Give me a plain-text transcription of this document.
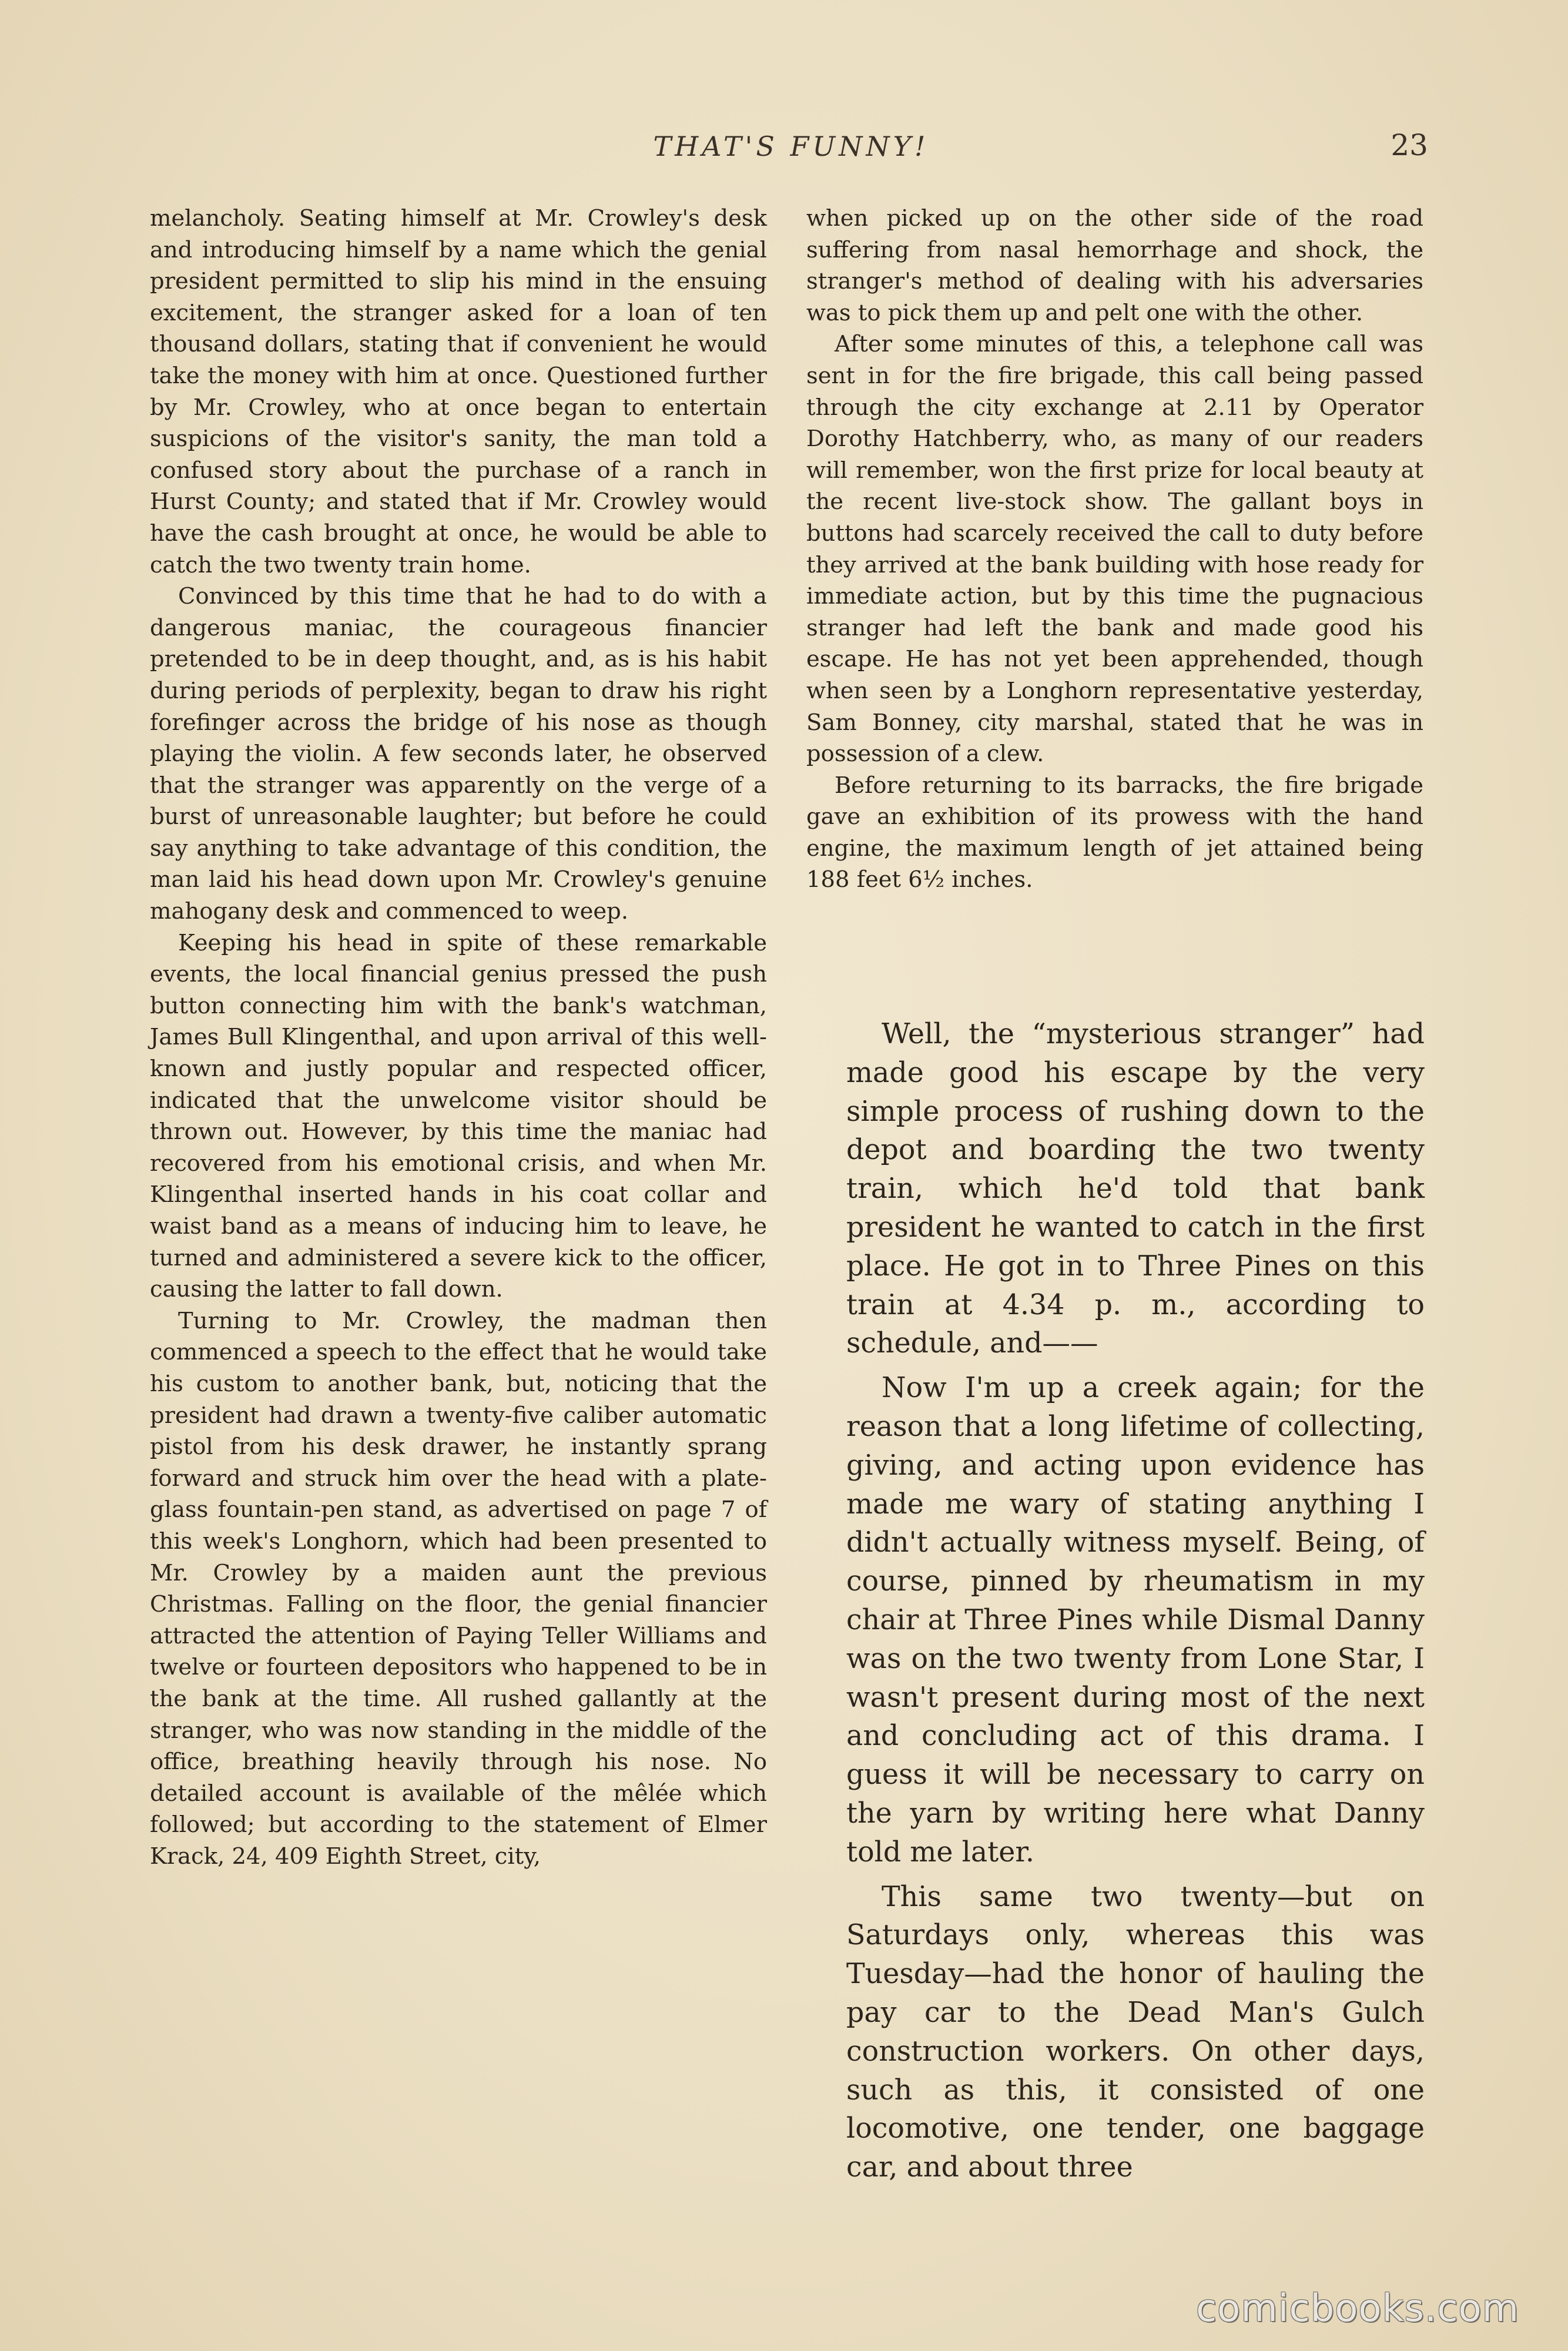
THAT'S FUNNY!	23

melancholy. Seating himself at Mr. Crowley's desk and introducing himself by a name which the genial president permitted to slip his mind in the ensuing excitement, the stranger asked for a loan of ten thousand dollars, stating that if convenient he would take the money with him at once. Questioned further by Mr. Crowley, who at once began to entertain suspicions of the visitor's sanity, the man told a confused story about the purchase of a ranch in Hurst County; and stated that if Mr. Crowley would have the cash brought at once, he would be able to catch the two twenty train home.

Convinced by this time that he had to do with a dangerous maniac, the courageous financier pretended to be in deep thought, and, as is his habit during periods of perplexity, began to draw his right forefinger across the bridge of his nose as though playing the violin. A few seconds later, he observed that the stranger was apparently on the verge of a burst of unreasonable laughter; but before he could say anything to take advantage of this condition, the man laid his head down upon Mr. Crowley's genuine mahogany desk and commenced to weep.

Keeping his head in spite of these remarkable events, the local financial genius pressed the push button connecting him with the bank's watchman, James Bull Klingenthal, and upon arrival of this well-known and justly popular and respected officer, indicated that the unwelcome visitor should be thrown out. However, by this time the maniac had recovered from his emotional crisis, and when Mr. Klingenthal inserted hands in his coat collar and waist band as a means of inducing him to leave, he turned and administered a severe kick to the officer, causing the latter to fall down.

Turning to Mr. Crowley, the madman then commenced a speech to the effect that he would take his custom to another bank, but, noticing that the president had drawn a twenty-five caliber automatic pistol from his desk drawer, he instantly sprang forward and struck him over the head with a plate-glass fountain-pen stand, as advertised on page 7 of this week's Longhorn, which had been presented to Mr. Crowley by a maiden aunt the previous Christmas. Falling on the floor, the genial financier attracted the attention of Paying Teller Williams and twelve or fourteen depositors who happened to be in the bank at the time. All rushed gallantly at the stranger, who was now standing in the middle of the office, breathing heavily through his nose. No detailed account is available of the mêlée which followed; but according to the statement of Elmer Krack, 24, 409 Eighth Street, city,

when picked up on the other side of the road suffering from nasal hemorrhage and shock, the stranger's method of dealing with his adversaries was to pick them up and pelt one with the other.

After some minutes of this, a telephone call was sent in for the fire brigade, this call being passed through the city exchange at 2.11 by Operator Dorothy Hatchberry, who, as many of our readers will remember, won the first prize for local beauty at the recent live-stock show. The gallant boys in buttons had scarcely received the call to duty before they arrived at the bank building with hose ready for immediate action, but by this time the pugnacious stranger had left the bank and made good his escape. He has not yet been apprehended, though when seen by a Longhorn representative yesterday, Sam Bonney, city marshal, stated that he was in possession of a clew.

Before returning to its barracks, the fire brigade gave an exhibition of its prowess with the hand engine, the maximum length of jet attained being 188 feet 6½ inches.

Well, the “mysterious stranger” had made good his escape by the very simple process of rushing down to the depot and boarding the two twenty train, which he'd told that bank president he wanted to catch in the first place. He got in to Three Pines on this train at 4.34 p. m., according to schedule, and——

Now I'm up a creek again; for the reason that a long lifetime of collecting, giving, and acting upon evidence has made me wary of stating anything I didn't actually witness myself. Being, of course, pinned by rheumatism in my chair at Three Pines while Dismal Danny was on the two twenty from Lone Star, I wasn't present during most of the next and concluding act of this drama. I guess it will be necessary to carry on the yarn by writing here what Danny told me later.

This same two twenty—but on Saturdays only, whereas this was Tuesday—had the honor of hauling the pay car to the Dead Man's Gulch construction workers. On other days, such as this, it consisted of one locomotive, one tender, one baggage car, and about three

comicbooks.com
